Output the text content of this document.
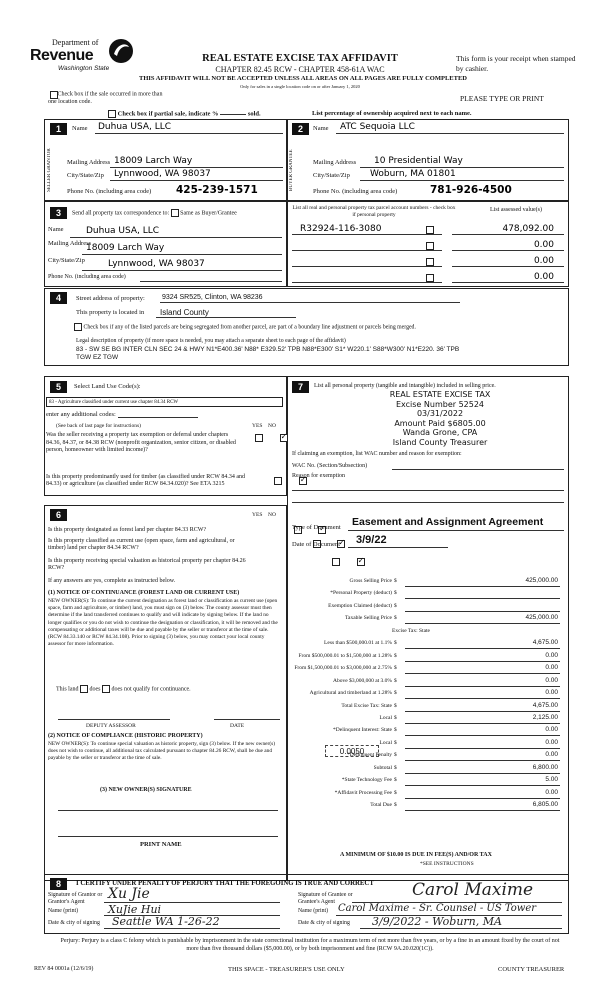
Department of
Revenue
Washington State
REAL ESTATE EXCISE TAX AFFIDAVIT
CHAPTER 82.45 RCW - CHAPTER 458-61A WAC
THIS AFFIDAVIT WILL NOT BE ACCEPTED UNLESS ALL AREAS ON ALL PAGES ARE FULLY COMPLETED
Only for sales in a single location code on or after January 1, 2020
This form is your receipt when stamped by cashier.
PLEASE TYPE OR PRINT
Check box if the sale occurred in more than one location code.
Check box if partial sale, indicate %	sold.	List percentage of ownership acquired next to each name.
1
SELLER GRANTOR
Name Duhua USA, LLC
Mailing Address 18009 Larch Way
City/State/Zip Lynnwood, WA 98037
Phone No. (including area code) 425-239-1571
2
BUYER GRANTEE
Name ATC Sequoia LLC
Mailing Address 10 Presidential Way
City/State/Zip Woburn, MA 01801
Phone No. (including area code)	781-926-4500
3	Send all property tax correspondence to: Same as Buyer/Grantee
Name Duhua USA, LLC
Mailing Address
18009 Larch Way
City/State/Zip	Lynnwood, WA 98037
Phone No. (including area code)
List all real and personal property tax parcel account numbers - check box if personal property
List assessed value(s)
R32924-116-3080	478,092.00
0.00
0.00
0.00
4	Street address of property: 9324 SR525, Clinton, WA 98236
This property is located in Island County
Check box if any of the listed parcels are being segregated from another parcel, are part of a boundary line adjustment or parcels being merged.
Legal description of property (if more space is needed, you may attach a separate sheet to each page of the affidavit)
83 - SW SE BG INTER CLN SEC 24 & HWY N1*E400.36' N88* E329.52' TPB N88*E300' S1* W220.1' S88*W300' N1*E220. 36' TPB TGW EZ TGW
5	Select Land Use Code(s):
83 - Agriculture classified under current use chapter 84.34 RCW
enter any additional codes:
(See back of last page for instructions)	YES NO
Was the seller receiving a property tax exemption or deferral under chapters 84.36, 84.37, or 84.38 RCW (nonprofit organization, senior citizen, or disabled person, homeowner with limited income)?
✓
Is this property predominantly used for timber (as classified under RCW 84.34 and 84.33) or agriculture (as classified under RCW 84.34.020)? See ETA 3215
✓
6	YES NO
Is this property designated as forest land per chapter 84.33 RCW?
✓
Is this property classified as current use (open space, farm and agricultural, or timber) land per chapter 84.34 RCW?
✓
Is this property receiving special valuation as historical property per chapter 84.26 RCW?
✓
If any answers are yes, complete as instructed below.
(1) NOTICE OF CONTINUANCE (FOREST LAND OR CURRENT USE)
NEW OWNER(S): To continue the current designation as forest land or classification as current use (open space, farm and agriculture, or timber) land, you must sign on (3) below. The county assessor must then determine if the land transferred continues to qualify and will indicate by signing below. If the land no longer qualifies or you do not wish to continue the designation or classification, it will be removed and the compensating or additional taxes will be due and payable by the seller or transferor at the time of sale. (RCW 84.33.140 or RCW 84.34.108). Prior to signing (3) below, you may contact your local county assessor for more information.
This land does does not qualify for continuance.
DEPUTY ASSESSOR	DATE
(2) NOTICE OF COMPLIANCE (HISTORIC PROPERTY)
NEW OWNER(S): To continue special valuation as historic property, sign (3) below. If the new owner(s) does not wish to continue, all additional tax calculated pursuant to chapter 84.26 RCW, shall be due and payable by the seller or transferor at the time of sale.
(3) NEW OWNER(S) SIGNATURE
PRINT NAME
7	List all personal property (tangible and intangible) included in selling price.
REAL ESTATE EXCISE TAX
Excise Number 52524
03/31/2022
Amount Paid $6805.00
Wanda Grone, CPA
Island County Treasurer
If claiming an exemption, list WAC number and reason for exemption:
WAC No. (Section/Subsection)
Reason for exemption
Type of Document Easement and Assignment Agreement
Date of Document 3/9/22
Gross Selling Price $	425,000.00
*Personal Property (deduct) $
Exemption Claimed (deduct) $
Taxable Selling Price $	425,000.00
Excise Tax: State
Less than $500,000.01 at 1.1% $	4,675.00
From $500,000.01 to $1,500,000 at 1.28% $	0.00
From $1,500,000.01 to $3,000,000 at 2.75% $	0.00
Above $3,000,000 at 3.0% $	0.00
Agricultural and timberland at 1.28% $	0.00
Total Excise Tax: State $	4,675.00
Local $	2,125.00
*Delinquent Interest: State $	0.00
Local $	0.00
*Delinquent Penalty $	0.00
Subtotal $	6,800.00
*State Technology Fee $	5.00
*Affidavit Processing Fee $	0.00
Total Due $	6,805.00
0.0050
A MINIMUM OF $10.00 IS DUE IN FEE(S) AND/OR TAX
*SEE INSTRUCTIONS
8	I CERTIFY UNDER PENALTY OF PERJURY THAT THE FOREGOING IS TRUE AND CORRECT
Signature of Grantor or Grantor's Agent	Xu Jie
Name (print)	XuJie Hui
Date & city of signing Seattle WA 1-26-22
Signature of Grantee or Grantee's Agent
Carol Maxime
Name (print) Carol Maxime - Sr. Counsel - US Tower
Date & city of signing 3/9/2022 - Woburn, MA
Perjury: Perjury is a class C felony which is punishable by imprisonment in the state correctional institution for a maximum term of not more than five years, or by a fine in an amount fixed by the court of not more than five thousand dollars ($5,000.00), or by both imprisonment and fine (RCW 9A.20.020(1C)).
REV 84 0001a (12/6/19)	THIS SPACE - TREASURER'S USE ONLY	COUNTY TREASURER
